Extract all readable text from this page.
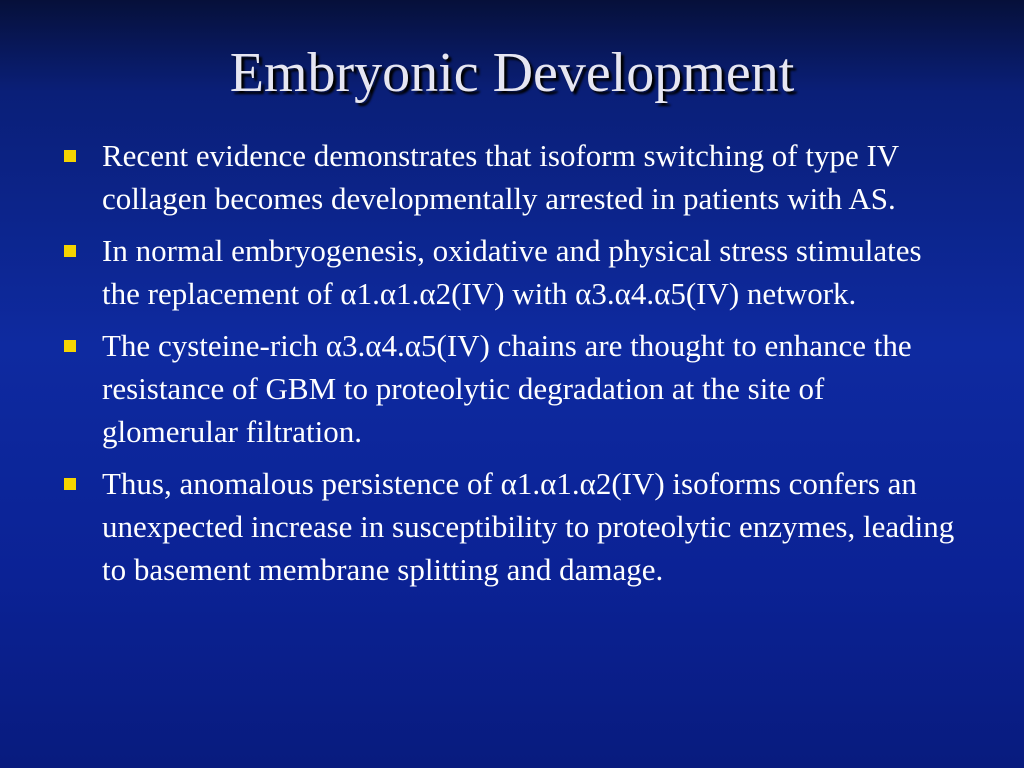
Embryonic Development
Recent evidence demonstrates that isoform switching of type IV collagen becomes developmentally arrested in patients with AS.
In normal embryogenesis, oxidative and physical stress stimulates the replacement of α1.α1.α2(IV) with α3.α4.α5(IV) network.
The cysteine-rich α3.α4.α5(IV) chains are thought to enhance the resistance of GBM to proteolytic degradation at the site of glomerular filtration.
Thus, anomalous persistence of α1.α1.α2(IV) isoforms confers an unexpected increase in susceptibility to proteolytic enzymes, leading to basement membrane splitting and damage.
